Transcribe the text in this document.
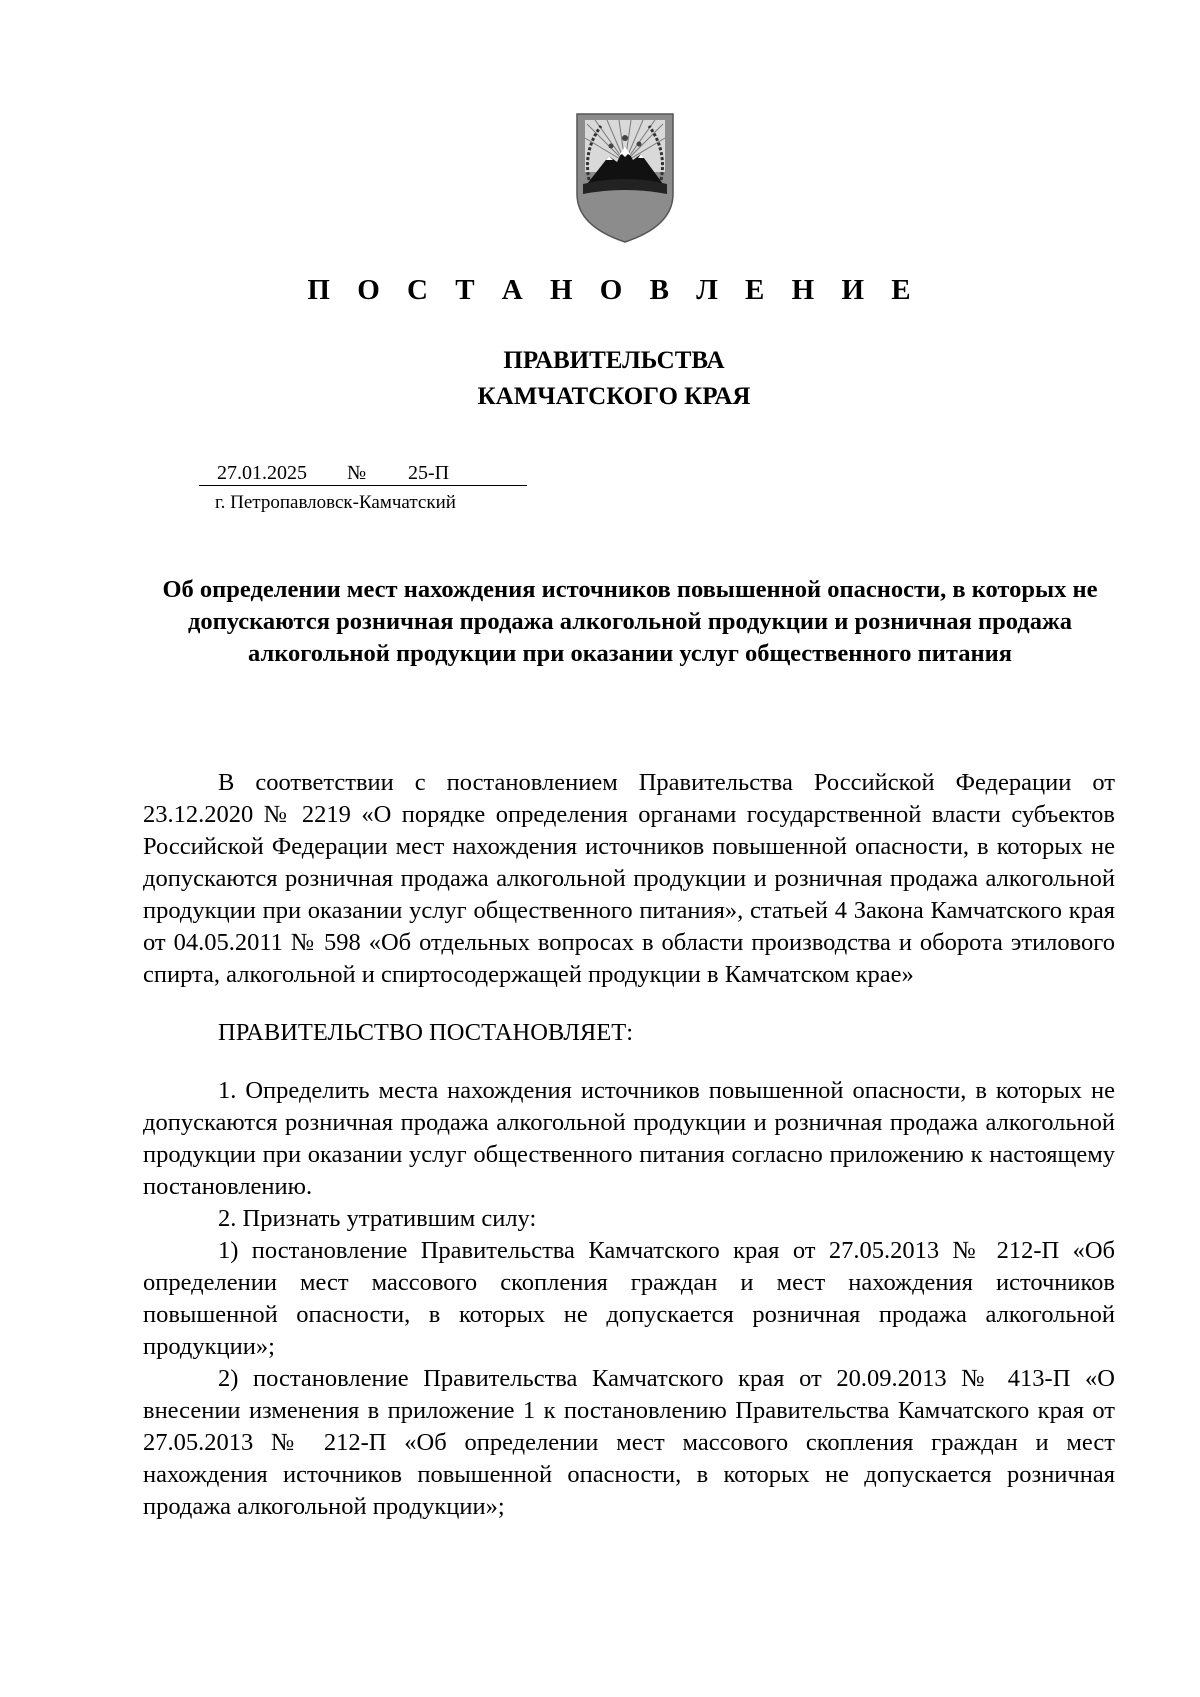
П О С Т А Н О В Л Е Н И Е
ПРАВИТЕЛЬСТВА
КАМЧАТСКОГО КРАЯ
27.01.2025 № 25-П
г. Петропавловск-Камчатский
Об определении мест нахождения источников повышенной опасности, в которых не допускаются розничная продажа алкогольной продукции и розничная продажа алкогольной продукции при оказании услуг общественного питания

В соответствии с постановлением Правительства Российской Федерации от 23.12.2020 № 2219 «О порядке определения органами государственной власти субъектов Российской Федерации мест нахождения источников повышенной опасности, в которых не допускаются розничная продажа алкогольной продукции и розничная продажа алкогольной продукции при оказании услуг общественного питания», статьей 4 Закона Камчатского края от 04.05.2011 № 598 «Об отдельных вопросах в области производства и оборота этилового спирта, алкогольной и спиртосодержащей продукции в Камчатском крае»

ПРАВИТЕЛЬСТВО ПОСТАНОВЛЯЕТ:

1. Определить места нахождения источников повышенной опасности, в которых не допускаются розничная продажа алкогольной продукции и розничная продажа алкогольной продукции при оказании услуг общественного питания согласно приложению к настоящему постановлению.

2. Признать утратившим силу:

1) постановление Правительства Камчатского края от 27.05.2013 № 212-П «Об определении мест массового скопления граждан и мест нахождения источников повышенной опасности, в которых не допускается розничная продажа алкогольной продукции»;

2) постановление Правительства Камчатского края от 20.09.2013 № 413-П «О внесении изменения в приложение 1 к постановлению Правительства Камчатского края от 27.05.2013 № 212-П «Об определении мест массового скопления граждан и мест нахождения источников повышенной опасности, в которых не допускается розничная продажа алкогольной продукции»;
